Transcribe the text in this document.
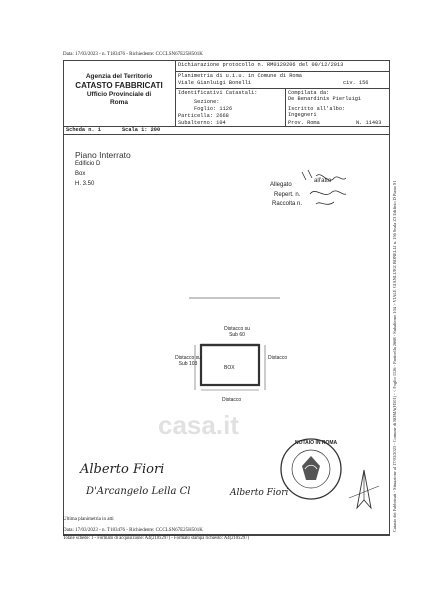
Data: 17/03/2023 - n. T183476 - Richiedente: CCCLSN67E25H501K
Agenzia del Territorio
CATASTO FABBRICATI
Ufficio Provinciale di
Roma
Dichiarazione protocollo n. RM0129206 del 09/12/2013
Planimetria di u.i.u. in Comune di Roma
Viale Gianluigi Bonelli	civ. 156
Identificativi Catastali:
Sezione:
Foglio: 1126
Particella: 2668
Subalterno: 104
Compilata da:
De Benardinis Pierluigi
Iscritto all'albo:
Ingegneri
Prov. Roma	N. 11403
Scheda n. 1	Scala 1: 200
Piano Interrato
Edificio D
Box
H. 3.50	Allegato
all'atto
Repert. n.
Raccolta n.
Distacco su Sub 60
Distacco su Sub 103
Distacco
BOX
Distacco
casa.it
Alberto Fiori
D'Arcangelo Lella Cl	Alberto Fiori
NOTAIO IN ROMA
Ultima planimetria in atti
Data: 17/03/2023 - n. T183476 - Richiedente: CCCLSN67E25H501K
Totale schede: 1 - Formato di acquisizione: A4(210x297) - Formato stampa richiesto: A4(210x297)
Catasto dei Fabbricati - Situazione al 17/03/2023 - Comune di ROMA(H501) - < Foglio 1126 - Particella 2668 - Subalterno 104 > VIALE GIANLUIGI BONELLI n. 156 Scala Z3 Edificio D Piano S1
